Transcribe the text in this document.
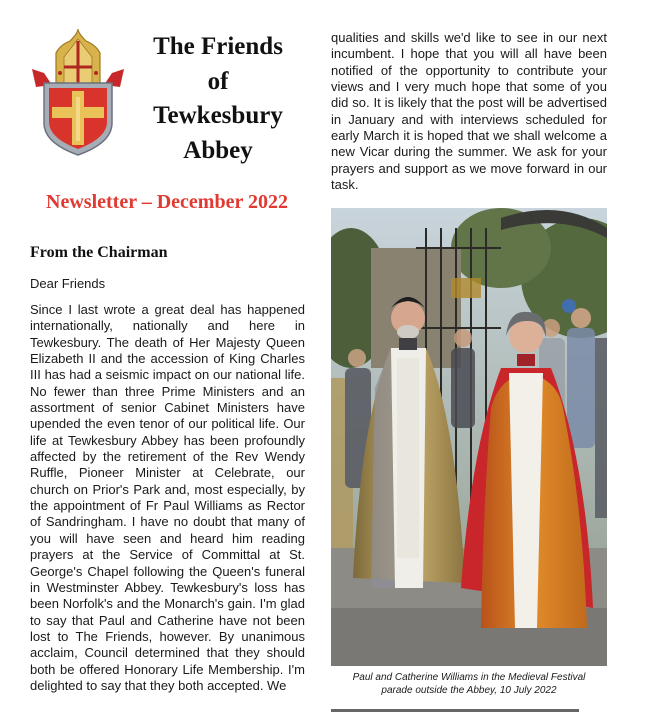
The Friends
of
Tewkesbury
Abbey
Newsletter – December 2022
From the Chairman

Dear Friends

Since I last wrote a great deal has happened internationally, nationally and here in Tewkesbury. The death of Her Majesty Queen Elizabeth II and the accession of King Charles III has had a seismic impact on our national life. No fewer than three Prime Ministers and an assortment of senior Cabinet Ministers have upended the even tenor of our political life. Our life at Tewkesbury Abbey has been profoundly affected by the retirement of the Rev Wendy Ruffle, Pioneer Minister at Celebrate, our church on Prior's Park and, most especially, by the appointment of Fr Paul Williams as Rector of Sandringham. I have no doubt that many of you will have seen and heard him reading prayers at the Service of Committal at St. George's Chapel following the Queen's funeral in Westminster Abbey. Tewkesbury's loss has been Norfolk's and the Monarch's gain. I'm glad to say that Paul and Catherine have not been lost to The Friends, however. By unanimous acclaim, Council determined that they should both be offered Honorary Life Membership. I'm delighted to say that they both accepted. We

qualities and skills we'd like to see in our next incumbent. I hope that you will all have been notified of the opportunity to contribute your views and I very much hope that some of you did so. It is likely that the post will be advertised in January and with interviews scheduled for early March it is hoped that we shall welcome a new Vicar during the summer. We ask for your prayers and support as we move forward in our task.

Paul and Catherine Williams in the Medieval Festival
parade outside the Abbey, 10 July 2022
